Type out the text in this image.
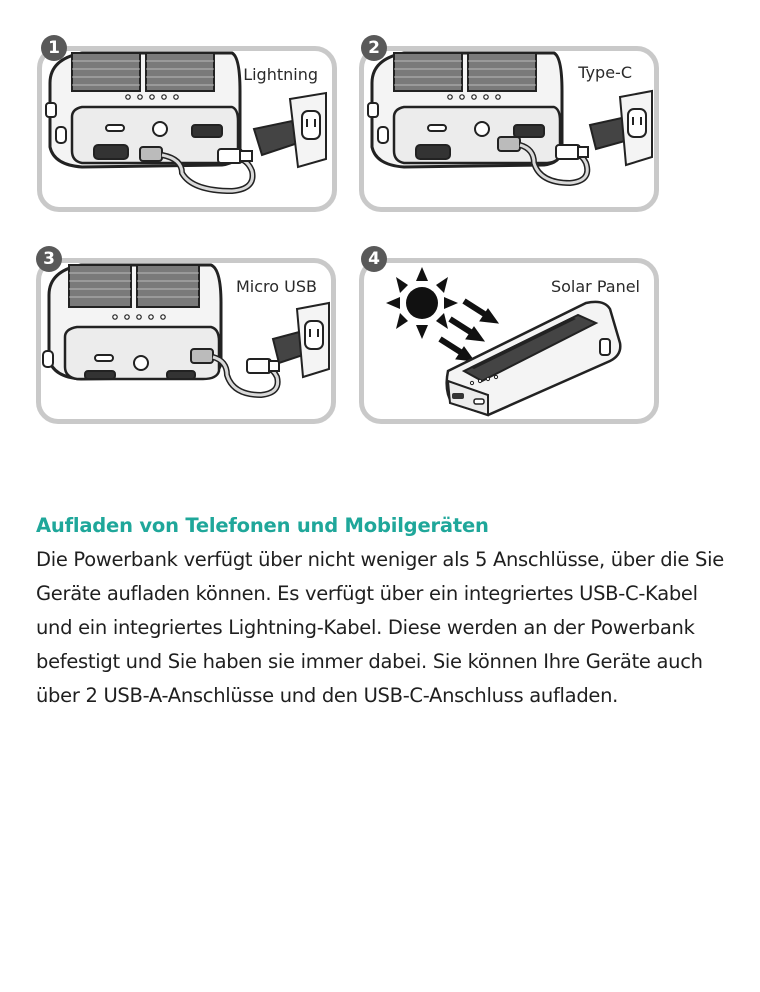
Lightning
1
Type-C
2
Micro USB
3
Solar Panel
4
Aufladen von Telefonen und Mobilgeräten

Die Powerbank verfügt über nicht weniger als 5 Anschlüsse, über die Sie Geräte aufladen können. Es verfügt über ein integriertes USB-C-Kabel und ein integriertes Lightning-Kabel. Diese werden an der Powerbank befestigt und Sie haben sie immer dabei. Sie können Ihre Geräte auch über 2 USB-A-Anschlüsse und den USB-C-Anschluss aufladen.
